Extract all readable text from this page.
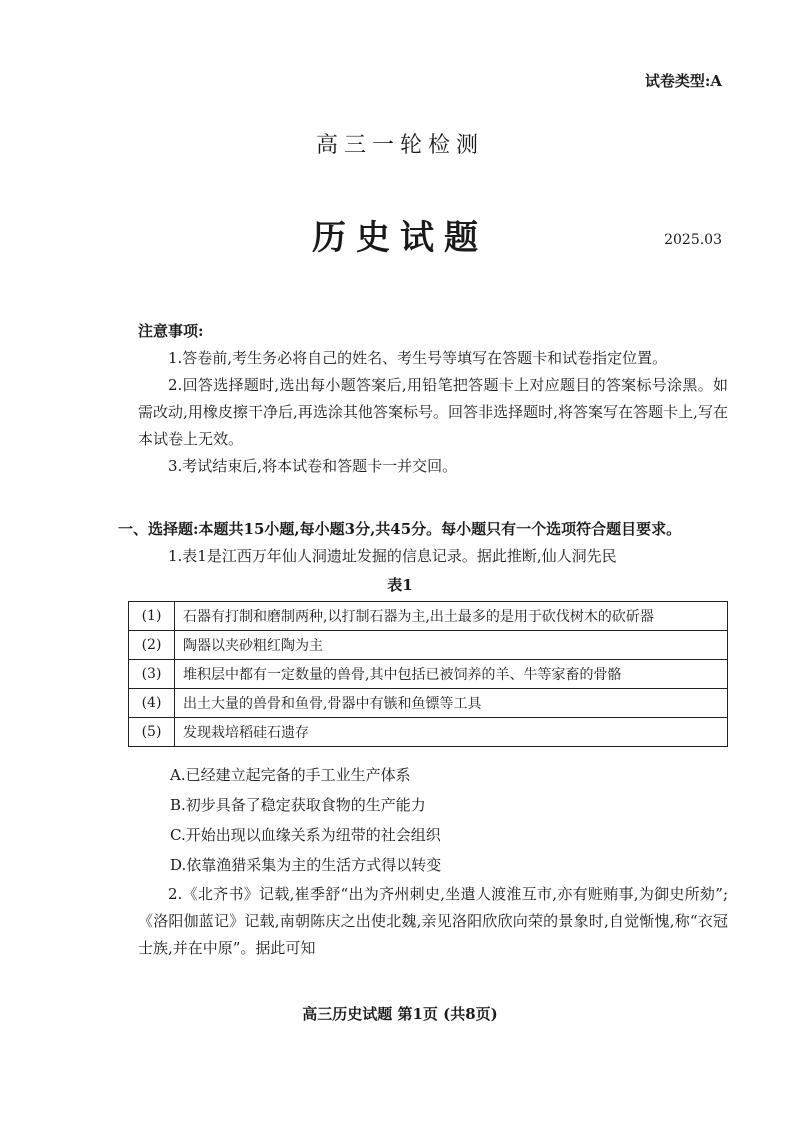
试卷类型:A
高三一轮检测
历史试题	2025.03
注意事项:
1.答卷前,考生务必将自己的姓名、考生号等填写在答题卡和试卷指定位置。
2.回答选择题时,选出每小题答案后,用铅笔把答题卡上对应题目的答案标号涂黑。如需改动,用橡皮擦干净后,再选涂其他答案标号。回答非选择题时,将答案写在答题卡上,写在本试卷上无效。
3.考试结束后,将本试卷和答题卡一并交回。
一、选择题:本题共15小题,每小题3分,共45分。每小题只有一个选项符合题目要求。
1.表1是江西万年仙人洞遗址发掘的信息记录。据此推断,仙人洞先民
表1
(1)	石器有打制和磨制两种,以打制石器为主,出土最多的是用于砍伐树木的砍斫器
(2)	陶器以夹砂粗红陶为主
(3)	堆积层中都有一定数量的兽骨,其中包括已被饲养的羊、牛等家畜的骨骼
(4)	出土大量的兽骨和鱼骨,骨器中有镞和鱼镖等工具
(5)	发现栽培稻硅石遗存
A.已经建立起完备的手工业生产体系
B.初步具备了稳定获取食物的生产能力
C.开始出现以血缘关系为纽带的社会组织
D.依靠渔猎采集为主的生活方式得以转变
2.《北齐书》记载,崔季舒“出为齐州刺史,坐遣人渡淮互市,亦有赃贿事,为御史所劾”;《洛阳伽蓝记》记载,南朝陈庆之出使北魏,亲见洛阳欣欣向荣的景象时,自觉惭愧,称“衣冠士族,并在中原”。据此可知
高三历史试题 第1页 (共8页)
